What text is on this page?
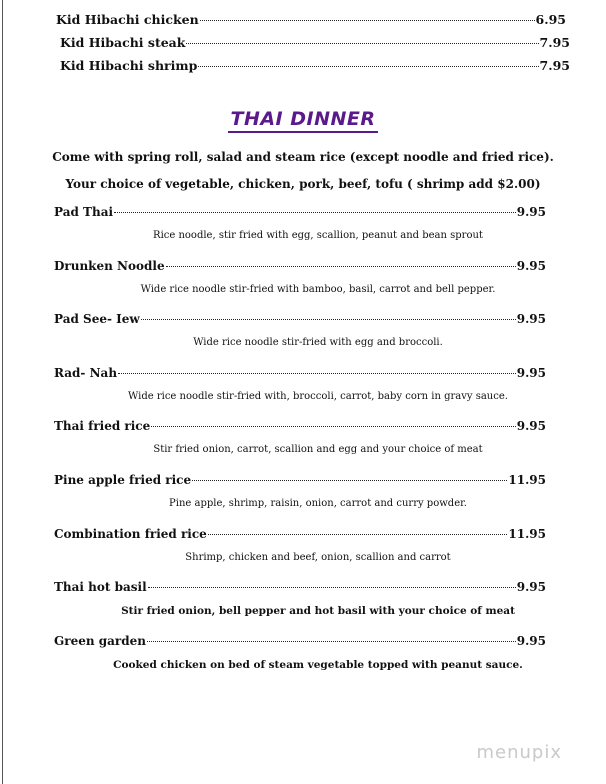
Kid Hibachi chicken	6.95
Kid Hibachi steak	7.95
Kid Hibachi shrimp	7.95
THAI DINNER
Come with spring roll, salad and steam rice (except noodle and fried rice).
Your choice of vegetable, chicken, pork, beef, tofu ( shrimp add $2.00)
Pad Thai	9.95
Rice noodle, stir fried with egg, scallion, peanut and bean sprout
Drunken Noodle	9.95
Wide rice noodle stir-fried with bamboo, basil, carrot and bell pepper.
Pad See- Iew	9.95
Wide rice noodle stir-fried with egg and broccoli.
Rad- Nah	9.95
Wide rice noodle stir-fried with, broccoli, carrot, baby corn in gravy sauce.
Thai fried rice	9.95
Stir fried onion, carrot, scallion and egg and your choice of meat
Pine apple fried rice	11.95
Pine apple, shrimp, raisin, onion, carrot and curry powder.
Combination fried rice	11.95
Shrimp, chicken and beef, onion, scallion and carrot
Thai hot basil	9.95
Stir fried onion, bell pepper and hot basil with your choice of meat
Green garden	9.95
Cooked chicken on bed of steam vegetable topped with peanut sauce.
menupix
